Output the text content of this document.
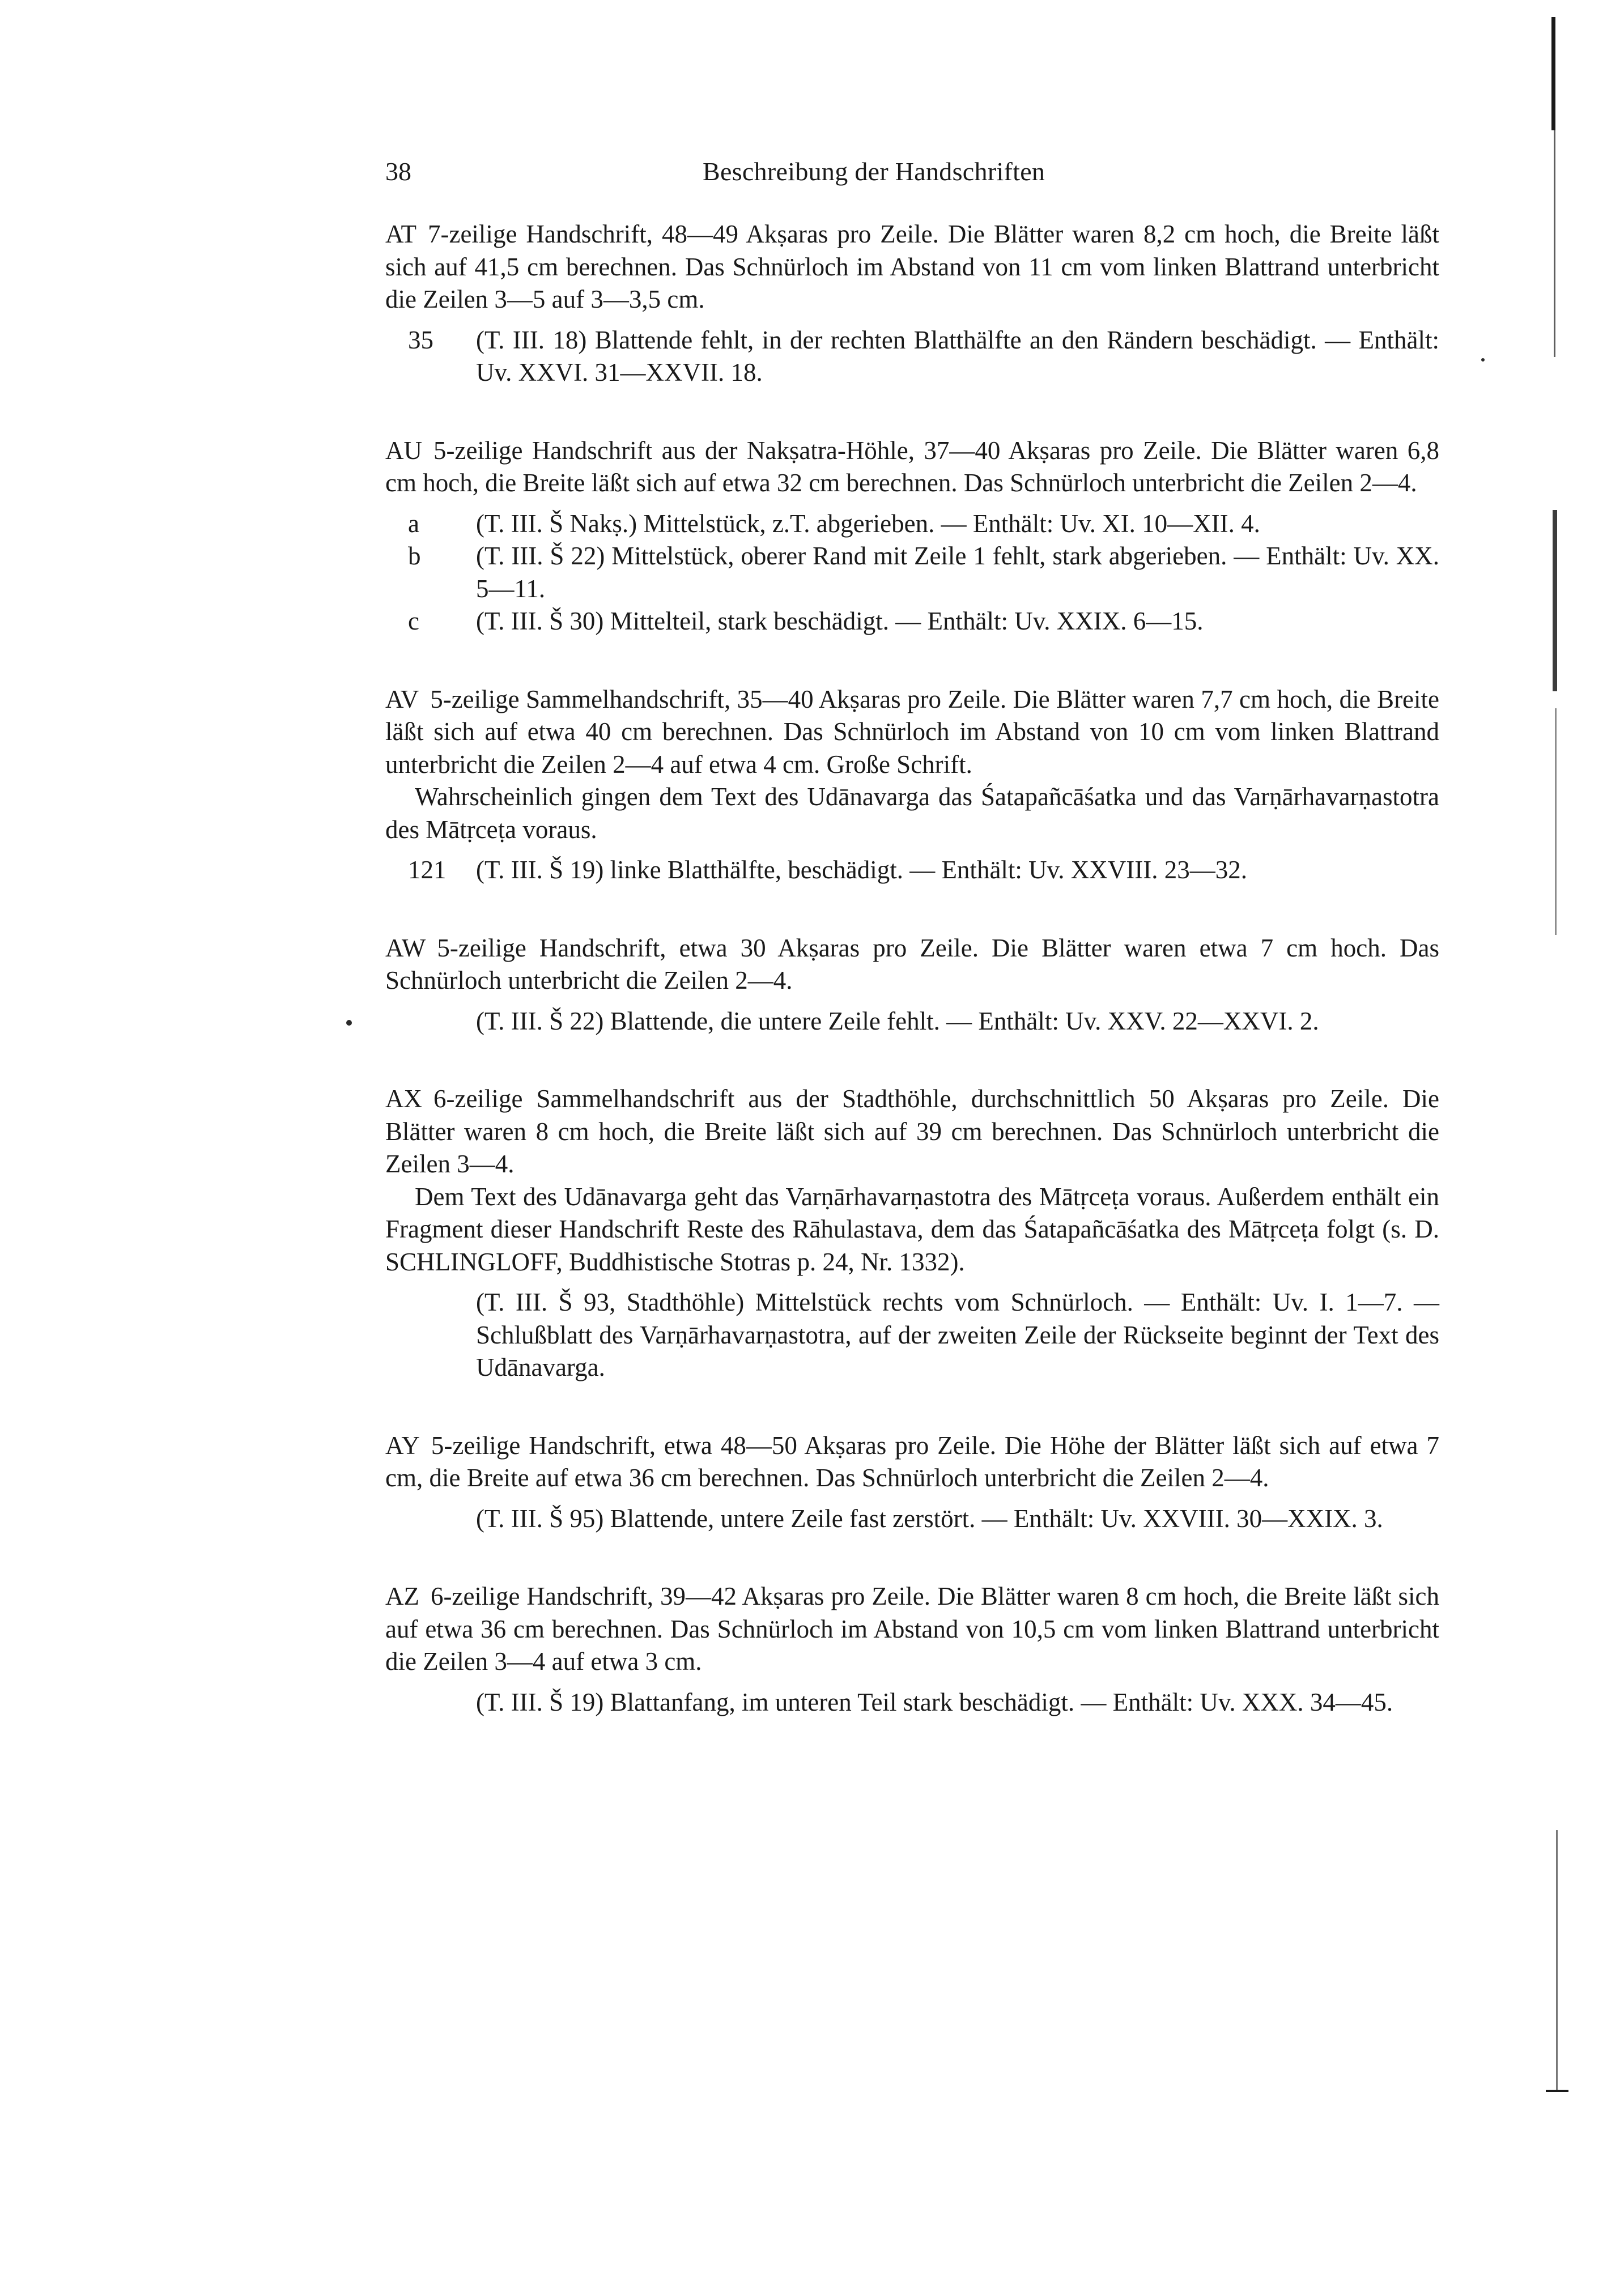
38	Beschreibung der Handschriften

AT 7-zeilige Handschrift, 48—49 Akṣaras pro Zeile. Die Blätter waren 8,2 cm hoch, die Breite läßt sich auf 41,5 cm berechnen. Das Schnürloch im Abstand von 11 cm vom linken Blattrand unterbricht die Zeilen 3—5 auf 3—3,5 cm.

35	(T. III. 18) Blattende fehlt, in der rechten Blatthälfte an den Rändern beschädigt. — Enthält: Uv. XXVI. 31—XXVII. 18.

AU 5-zeilige Handschrift aus der Nakṣatra-Höhle, 37—40 Akṣaras pro Zeile. Die Blätter waren 6,8 cm hoch, die Breite läßt sich auf etwa 32 cm berechnen. Das Schnürloch unterbricht die Zeilen 2—4.

a	(T. III. Š Nakṣ.) Mittelstück, z.T. abgerieben. — Enthält: Uv. XI. 10—XII. 4.
b	(T. III. Š 22) Mittelstück, oberer Rand mit Zeile 1 fehlt, stark abgerieben. — Enthält: Uv. XX. 5—11.
c	(T. III. Š 30) Mittelteil, stark beschädigt. — Enthält: Uv. XXIX. 6—15.

AV 5-zeilige Sammelhandschrift, 35—40 Akṣaras pro Zeile. Die Blätter waren 7,7 cm hoch, die Breite läßt sich auf etwa 40 cm berechnen. Das Schnürloch im Abstand von 10 cm vom linken Blattrand unterbricht die Zeilen 2—4 auf etwa 4 cm. Große Schrift.

Wahrscheinlich gingen dem Text des Udānavarga das Śatapañcāśatka und das Varṇārhavarṇastotra des Mātṛceṭa voraus.

121	(T. III. Š 19) linke Blatthälfte, beschädigt. — Enthält: Uv. XXVIII. 23—32.

AW 5-zeilige Handschrift, etwa 30 Akṣaras pro Zeile. Die Blätter waren etwa 7 cm hoch. Das Schnürloch unterbricht die Zeilen 2—4.

(T. III. Š 22) Blattende, die untere Zeile fehlt. — Enthält: Uv. XXV. 22—XXVI. 2.

AX 6-zeilige Sammelhandschrift aus der Stadthöhle, durchschnittlich 50 Akṣaras pro Zeile. Die Blätter waren 8 cm hoch, die Breite läßt sich auf 39 cm berechnen. Das Schnürloch unterbricht die Zeilen 3—4.

Dem Text des Udānavarga geht das Varṇārhavarṇastotra des Mātṛceṭa voraus. Außerdem enthält ein Fragment dieser Handschrift Reste des Rāhulastava, dem das Śatapañcāśatka des Mātṛceṭa folgt (s. D. SCHLINGLOFF, Buddhistische Stotras p. 24, Nr. 1332).

(T. III. Š 93, Stadthöhle) Mittelstück rechts vom Schnürloch. — Enthält: Uv. I. 1—7. — Schlußblatt des Varṇārhavarṇastotra, auf der zweiten Zeile der Rückseite beginnt der Text des Udānavarga.

AY 5-zeilige Handschrift, etwa 48—50 Akṣaras pro Zeile. Die Höhe der Blätter läßt sich auf etwa 7 cm, die Breite auf etwa 36 cm berechnen. Das Schnürloch unterbricht die Zeilen 2—4.

(T. III. Š 95) Blattende, untere Zeile fast zerstört. — Enthält: Uv. XXVIII. 30—XXIX. 3.

AZ 6-zeilige Handschrift, 39—42 Akṣaras pro Zeile. Die Blätter waren 8 cm hoch, die Breite läßt sich auf etwa 36 cm berechnen. Das Schnürloch im Abstand von 10,5 cm vom linken Blattrand unterbricht die Zeilen 3—4 auf etwa 3 cm.

(T. III. Š 19) Blattanfang, im unteren Teil stark beschädigt. — Enthält: Uv. XXX. 34—45.
